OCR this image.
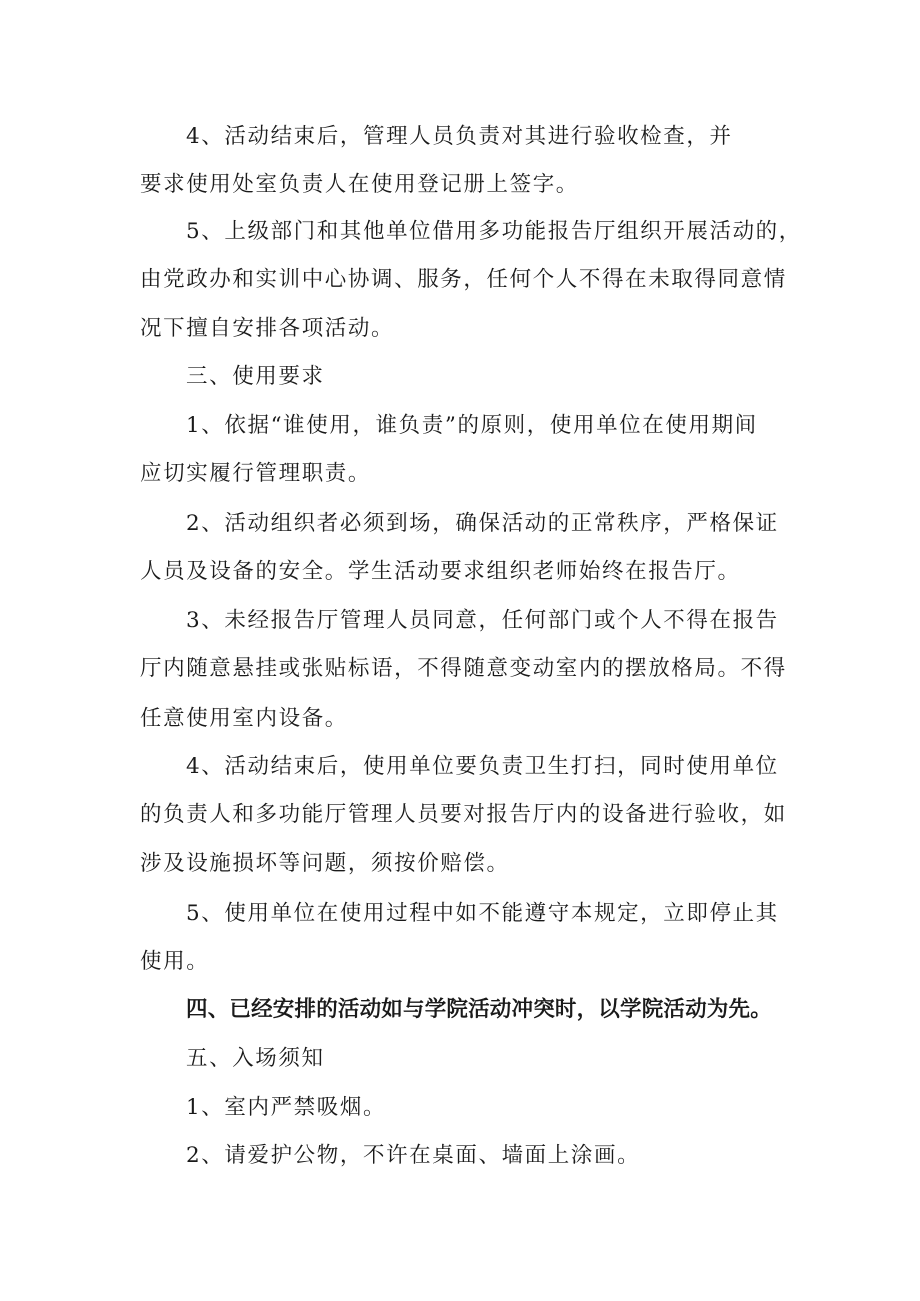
4、活动结束后，管理人员负责对其进行验收检查，并
要求使用处室负责人在使用登记册上签字。
5、上级部门和其他单位借用多功能报告厅组织开展活动的，
由党政办和实训中心协调、服务，任何个人不得在未取得同意情
况下擅自安排各项活动。
三、使用要求
1、依据“谁使用，谁负责”的原则，使用单位在使用期间
应切实履行管理职责。
2、活动组织者必须到场，确保活动的正常秩序，严格保证
人员及设备的安全。学生活动要求组织老师始终在报告厅。
3、未经报告厅管理人员同意，任何部门或个人不得在报告
厅内随意悬挂或张贴标语，不得随意变动室内的摆放格局。不得
任意使用室内设备。
4、活动结束后，使用单位要负责卫生打扫，同时使用单位
的负责人和多功能厅管理人员要对报告厅内的设备进行验收，如
涉及设施损坏等问题，须按价赔偿。
5、使用单位在使用过程中如不能遵守本规定，立即停止其
使用。
四、已经安排的活动如与学院活动冲突时，以学院活动为先。
五、入场须知
1、室内严禁吸烟。
2、请爱护公物，不许在桌面、墙面上涂画。
